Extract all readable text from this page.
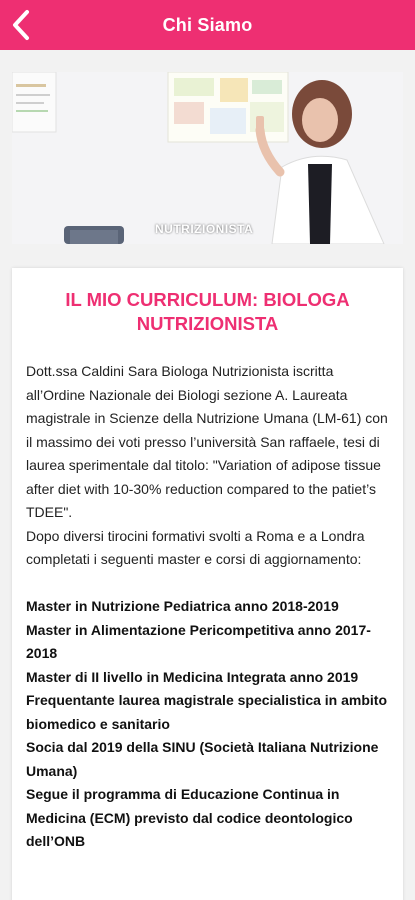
Chi Siamo
NUTRIZIONISTA
IL MIO CURRICULUM: BIOLOGA NUTRIZIONISTA

Dott.ssa Caldini Sara Biologa Nutrizionista iscritta all’Ordine Nazionale dei Biologi sezione A. Laureata magistrale in Scienze della Nutrizione Umana (LM-61) con il massimo dei voti presso l’università San raffaele, tesi di laurea sperimentale dal titolo: "Variation of adipose tissue after diet with 10-30% reduction compared to the patiet’s TDEE".

Dopo diversi tirocini formativi svolti a Roma e a Londra completati i seguenti master e corsi di aggiornamento:

Master in Nutrizione Pediatrica anno 2018-2019

Master in Alimentazione Pericompetitiva anno 2017-2018

Master di II livello in Medicina Integrata anno 2019

Frequentante laurea magistrale specialistica in ambito biomedico e sanitario

Socia dal 2019 della SINU (Società Italiana Nutrizione Umana)

Segue il programma di Educazione Continua in Medicina (ECM) previsto dal codice deontologico dell’ONB
